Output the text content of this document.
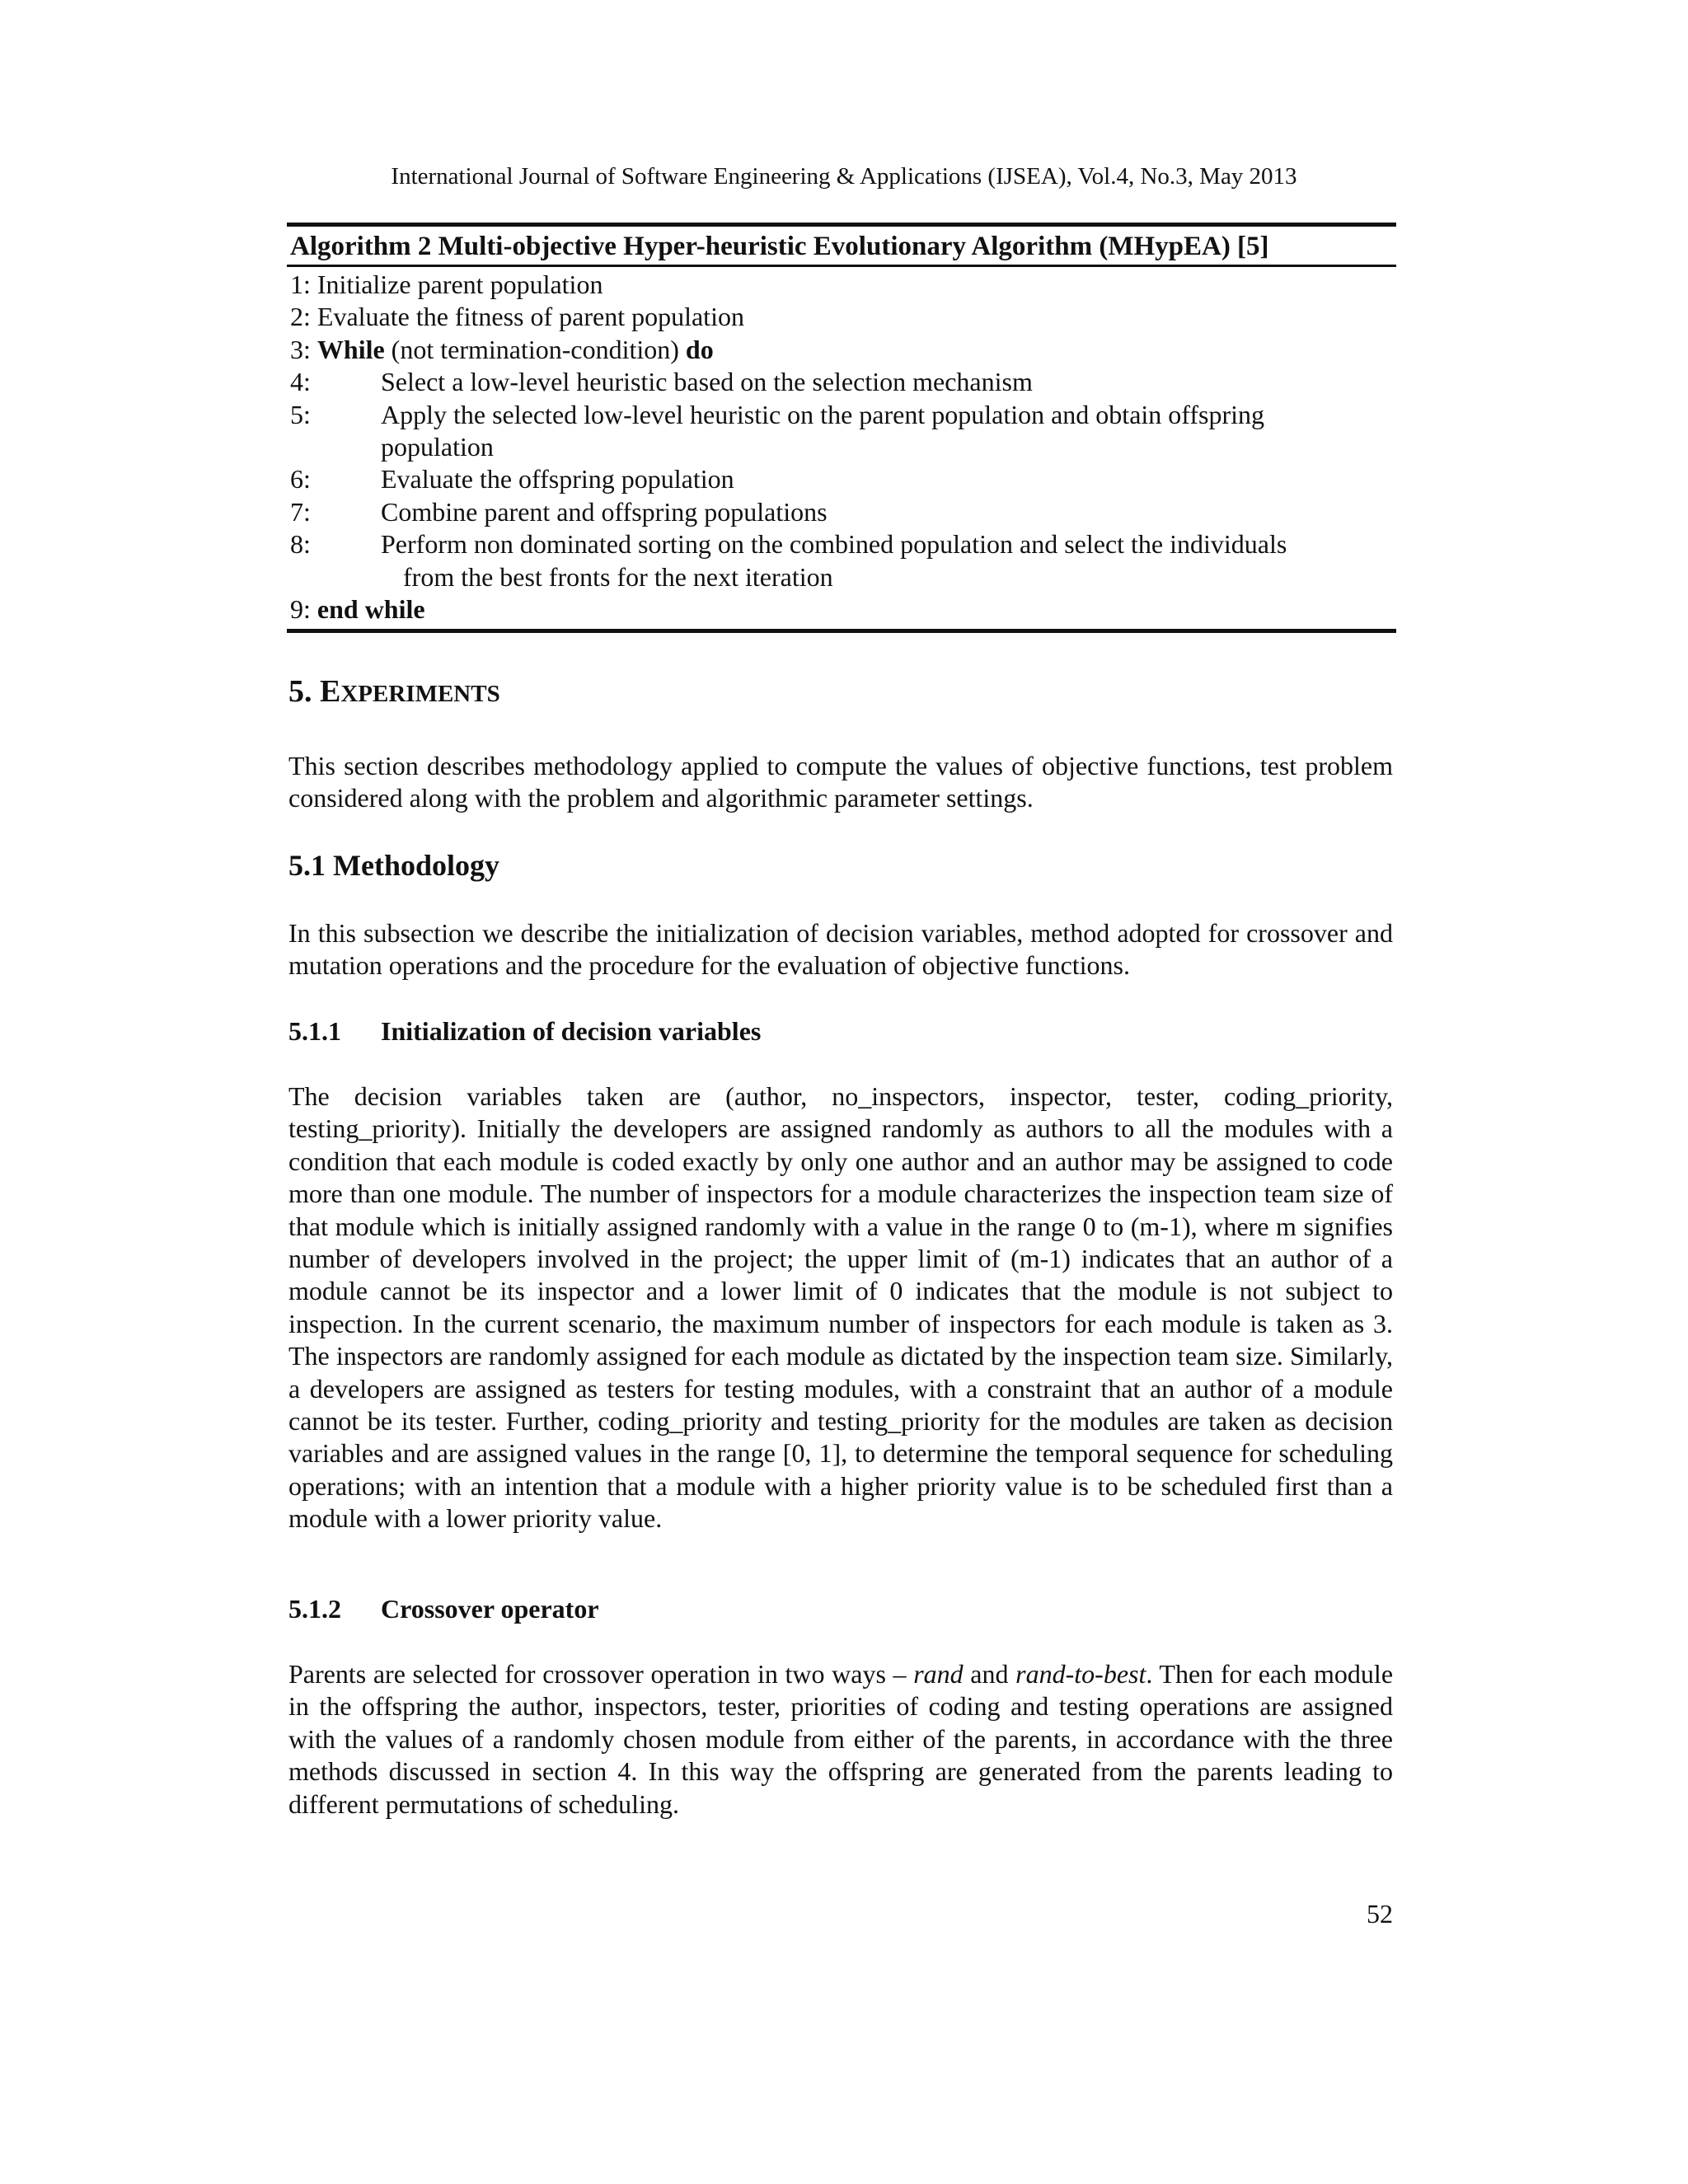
International Journal of Software Engineering & Applications (IJSEA), Vol.4, No.3, May 2013
Algorithm 2 Multi-objective Hyper-heuristic Evolutionary Algorithm (MHypEA) [5]
1: Initialize parent population
2: Evaluate the fitness of parent population
3: While (not termination-condition) do
4:	Select a low-level heuristic based on the selection mechanism
5:	Apply the selected low-level heuristic on the parent population and obtain offspring
population
6:	Evaluate the offspring population
7:	Combine parent and offspring populations
8:	Perform non dominated sorting on the combined population and select the individuals
from the best fronts for the next iteration
9: end while
5. EXPERIMENTS
This section describes methodology applied to compute the values of objective functions, test problem considered along with the problem and algorithmic parameter settings.
5.1 Methodology
In this subsection we describe the initialization of decision variables, method adopted for crossover and mutation operations and the procedure for the evaluation of objective functions.
5.1.1 Initialization of decision variables
The decision variables taken are (author, no_inspectors, inspector, tester, coding_priority, testing_priority). Initially the developers are assigned randomly as authors to all the modules with a condition that each module is coded exactly by only one author and an author may be assigned to code more than one module. The number of inspectors for a module characterizes the inspection team size of that module which is initially assigned randomly with a value in the range 0 to (m-1), where m signifies number of developers involved in the project; the upper limit of (m-1) indicates that an author of a module cannot be its inspector and a lower limit of 0 indicates that the module is not subject to inspection. In the current scenario, the maximum number of inspectors for each module is taken as 3. The inspectors are randomly assigned for each module as dictated by the inspection team size. Similarly, a developers are assigned as testers for testing modules, with a constraint that an author of a module cannot be its tester. Further, coding_priority and testing_priority for the modules are taken as decision variables and are assigned values in the range [0, 1], to determine the temporal sequence for scheduling operations; with an intention that a module with a higher priority value is to be scheduled first than a module with a lower priority value.
5.1.2 Crossover operator
Parents are selected for crossover operation in two ways – rand and rand-to-best. Then for each module in the offspring the author, inspectors, tester, priorities of coding and testing operations are assigned with the values of a randomly chosen module from either of the parents, in accordance with the three methods discussed in section 4. In this way the offspring are generated from the parents leading to different permutations of scheduling.
52
